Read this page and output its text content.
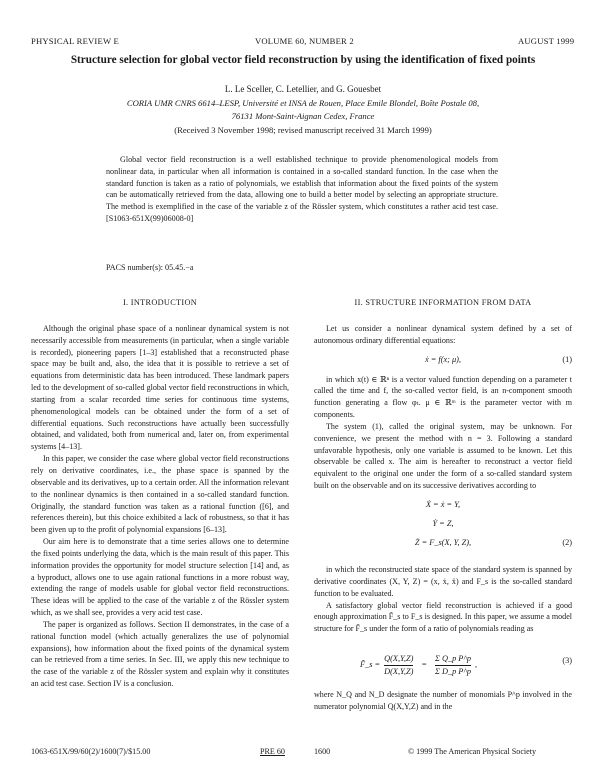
PHYSICAL REVIEW E	VOLUME 60, NUMBER 2	AUGUST 1999
Structure selection for global vector field reconstruction by using the identification of fixed points
L. Le Sceller, C. Letellier, and G. Gouesbet
CORIA UMR CNRS 6614–LESP, Université et INSA de Rouen, Place Emile Blondel, Boîte Postale 08,
76131 Mont-Saint-Aignan Cedex, France
(Received 3 November 1998; revised manuscript received 31 March 1999)

Global vector field reconstruction is a well established technique to provide phenomenological models from nonlinear data, in particular when all information is contained in a so-called standard function. In the case when the standard function is taken as a ratio of polynomials, we establish that information about the fixed points of the system can be automatically retrieved from the data, allowing one to build a better model by selecting an appropriate structure. The method is exemplified in the case of the variable z of the Rössler system, which constitutes a rather acid test case. [S1063-651X(99)06008-0]

PACS number(s): 05.45.−a
I. INTRODUCTION

Although the original phase space of a nonlinear dynamical system is not necessarily accessible from measurements (in particular, when a single variable is recorded), pioneering papers [1–3] established that a reconstructed phase space may be built and, also, the idea that it is possible to retrieve a set of equations from deterministic data has been introduced. These landmark papers led to the development of so-called global vector field reconstructions in which, starting from a scalar recorded time series for continuous time systems, phenomenological models can be obtained under the form of a set of differential equations. Such reconstructions have actually been successfully obtained, and validated, both from numerical and, later on, from experimental systems [4–13].

In this paper, we consider the case where global vector field reconstructions rely on derivative coordinates, i.e., the phase space is spanned by the observable and its derivatives, up to a certain order. All the information relevant to the nonlinear dynamics is then contained in a so-called standard function. Originally, the standard function was taken as a rational function ([6], and references therein), but this choice exhibited a lack of robustness, so that it has been given up to the profit of polynomial expansions [6–13].

Our aim here is to demonstrate that a time series allows one to determine the fixed points underlying the data, which is the main result of this paper. This information provides the opportunity for model structure selection [14] and, as a byproduct, allows one to use again rational functions in a more robust way, extending the range of models usable for global vector field reconstructions. These ideas will be applied to the case of the variable z of the Rössler system which, as we shall see, provides a very acid test case.

The paper is organized as follows. Section II demonstrates, in the case of a rational function model (which actually generalizes the use of polynomial expansions), how information about the fixed points of the dynamical system can be retrieved from a time series. In Sec. III, we apply this new technique to the case of the variable z of the Rössler system and explain why it constitutes an acid test case. Section IV is a conclusion.

II. STRUCTURE INFORMATION FROM DATA

Let us consider a nonlinear dynamical system defined by a set of autonomous ordinary differential equations:

ẋ = f(x; μ),	(1)

in which x(t) ∈ ℝⁿ is a vector valued function depending on a parameter t called the time and f, the so-called vector field, is an n-component smooth function generating a flow φₜ. μ ∈ ℝᵐ is the parameter vector with m components.

The system (1), called the original system, may be unknown. For convenience, we present the method with n = 3. Following a standard unfavorable hypothesis, only one variable is assumed to be known. Let this observable be called x. The aim is hereafter to reconstruct a vector field equivalent to the original one under the form of a so-called standard system built on the observable and on its successive derivatives according to

Ẋ = ẋ = Y,
Ẏ = Z,
Ż = F_s(X, Y, Z),	(2)

in which the reconstructed state space of the standard system is spanned by derivative coordinates (X, Y, Z) = (x, ẋ, ẍ) and F_s is the so-called standard function to be evaluated.

A satisfactory global vector field reconstruction is achieved if a good enough approximation F̃_s to F_s is designed. In this paper, we assume a model structure for F̃_s under the form of a ratio of polynomials reading as

F̃_s =
Q(X,Y,Z)
D(X,Y,Z)
=
Σ Q_p P^p
Σ D_p P^p
,	(3)

where N_Q and N_D designate the number of monomials P^p involved in the numerator polynomial Q(X,Y,Z) and in the

1063-651X/99/60(2)/1600(7)/$15.00	PRE 60	1600	© 1999 The American Physical Society
